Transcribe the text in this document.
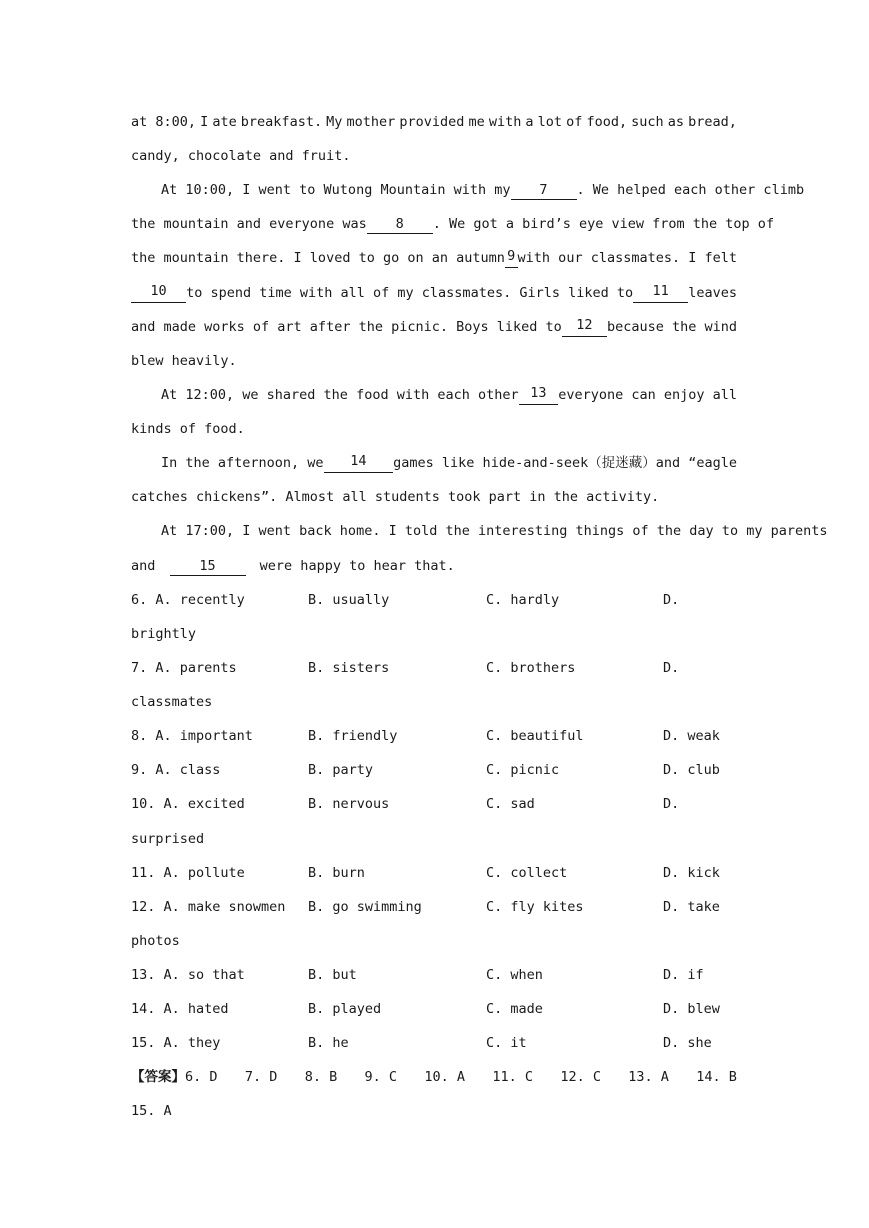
at 8:00, I ate breakfast. My mother provided me with a lot of food, such as bread,
candy, chocolate and fruit.
At 10:00, I went to Wutong Mountain with my	7 . We helped each other climb
the mountain and everyone was	8 . We got a bird’s eye view from the top of
the mountain there. I loved to go on an autumn 9 with our classmates. I felt
10	to spend time with all of my classmates. Girls liked to	11	leaves
and made works of art after the picnic. Boys liked to	12	because the wind
blew heavily.
At 12:00, we shared the food with each other 13 everyone can enjoy all
kinds of food.
In the afternoon, we	14	games like hide-and-seek（捉迷藏）and “eagle
catches chickens”. Almost all students took part in the activity.
At 17:00, I went back home. I told the interesting things of the day to my parents
and	15	were happy to hear that.
6. A. recently	B. usually	C. hardly	D.
brightly
7. A. parents	B. sisters	C. brothers	D.
classmates
8. A. important	B. friendly	C. beautiful	D. weak
9. A. class	B. party	C. picnic	D. club
10. A. excited	B. nervous	C. sad	D.
surprised
11. A. pollute	B. burn	C. collect	D. kick
12. A. make snowmen B. go swimming	C. fly kites	D. take
photos
13. A. so that	B. but	C. when	D. if
14. A. hated	B. played	C. made	D. blew
15. A. they	B. he	C. it	D. she
【答案】6. D 7. D 8. B 9. C 10. A 11. C 12. C 13. A 14. B
15. A
